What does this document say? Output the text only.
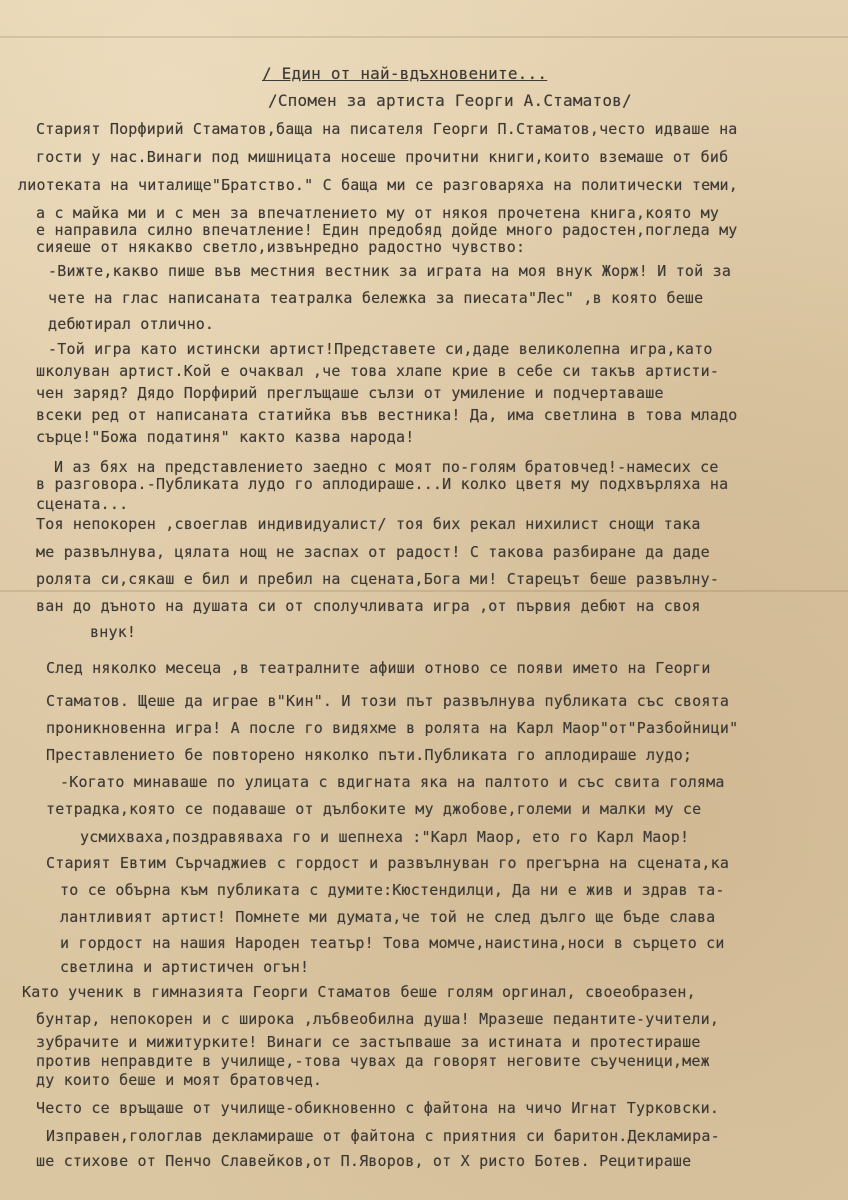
/ Един от най-вдъхновените...
/Спомен за артиста Георги А.Стаматов/
Старият Порфирий Стаматов,баща на писателя Георги П.Стаматов,често идваше на
гости у нас.Винаги под мишницата носеше прочитни книги,които вземаше от биб
лиотеката на читалище"Братство." С баща ми се разговаряха на политически теми,
а с майка ми и с мен за впечатлението му от някоя прочетена книга,която му
е направила силно впечатление! Един предобяд дойде много радостен,погледа му
сияеше от някакво светло,извънредно радостно чувство:
-Вижте,какво пише във местния вестник за играта на моя внук Жорж! И той за
чете на глас написаната театралка бележка за пиесата"Лес" ,в която беше
дебютирал отлично.
-Той игра като истински артист!Представете си,даде великолепна игра,като
школуван артист.Кой е очаквал ,че това хлапе крие в себе си такъв артисти-
чен заряд? Дядо Порфирий преглъщаше сълзи от умиление и подчертаваше
всеки ред от написаната статийка във вестника! Да, има светлина в това младо
сърце!"Божа податиня" както казва народа!
И аз бях на представлението заедно с моят по-голям братовчед!-намесих се
в разговора.-Публиката лудо го аплодираше...И колко цветя му подхвърляха на
сцената...
Тоя непокорен ,своеглав индивидуалист/ тоя бих рекал нихилист снощи така
ме развълнува, цялата нощ не заспах от радост! С такова разбиране да даде
ролята си,сякаш е бил и пребил на сцената,Бога ми! Старецът беше развълну-
ван до дъното на душата си от сполучливата игра ,от първия дебют на своя
внук!
След няколко месеца ,в театралните афиши отново се появи името на Георги
Стаматов. Щеше да играе в"Кин". И този път развълнува публиката със своята
проникновенна игра! А после го видяхме в ролята на Карл Маор"от"Разбойници"
Преставлението бе повторено няколко пъти.Публиката го аплодираше лудо;
-Когато минаваше по улицата с вдигната яка на палтото и със свита голяма
тетрадка,която се подаваше от дълбоките му джобове,големи и малки му се
усмихваха,поздравяваха го и шепнеха :"Карл Маор, ето го Карл Маор!
Старият Евтим Сърчаджиев с гордост и развълнуван го прегърна на сцената,ка
то се обърна към публиката с думите:Кюстендилци, Да ни е жив и здрав та-
лантливият артист! Помнете ми думата,че той не след дълго ще бъде слава
и гордост на нашия Народен театър! Това момче,наистина,носи в сърцето си
светлина и артистичен огън!
Като ученик в гимназията Георги Стаматов беше голям оргинал, своеобразен,
бунтар, непокорен и с широка ,лъбвеобилна душа! Мразеше педантите-учители,
зубрачите и мижитурките! Винаги се застъпваше за истината и протестираше
против неправдите в училище,-това чувах да говорят неговите съученици,меж
ду които беше и моят братовчед.
Често се връщаше от училище-обикновенно с файтона на чичо Игнат Турковски.
Изправен,гологлав декламираше от файтона с приятния си баритон.Декламира-
ше стихове от Пенчо Славейков,от П.Яворов, от Х ристо Ботев. Рецитираше
